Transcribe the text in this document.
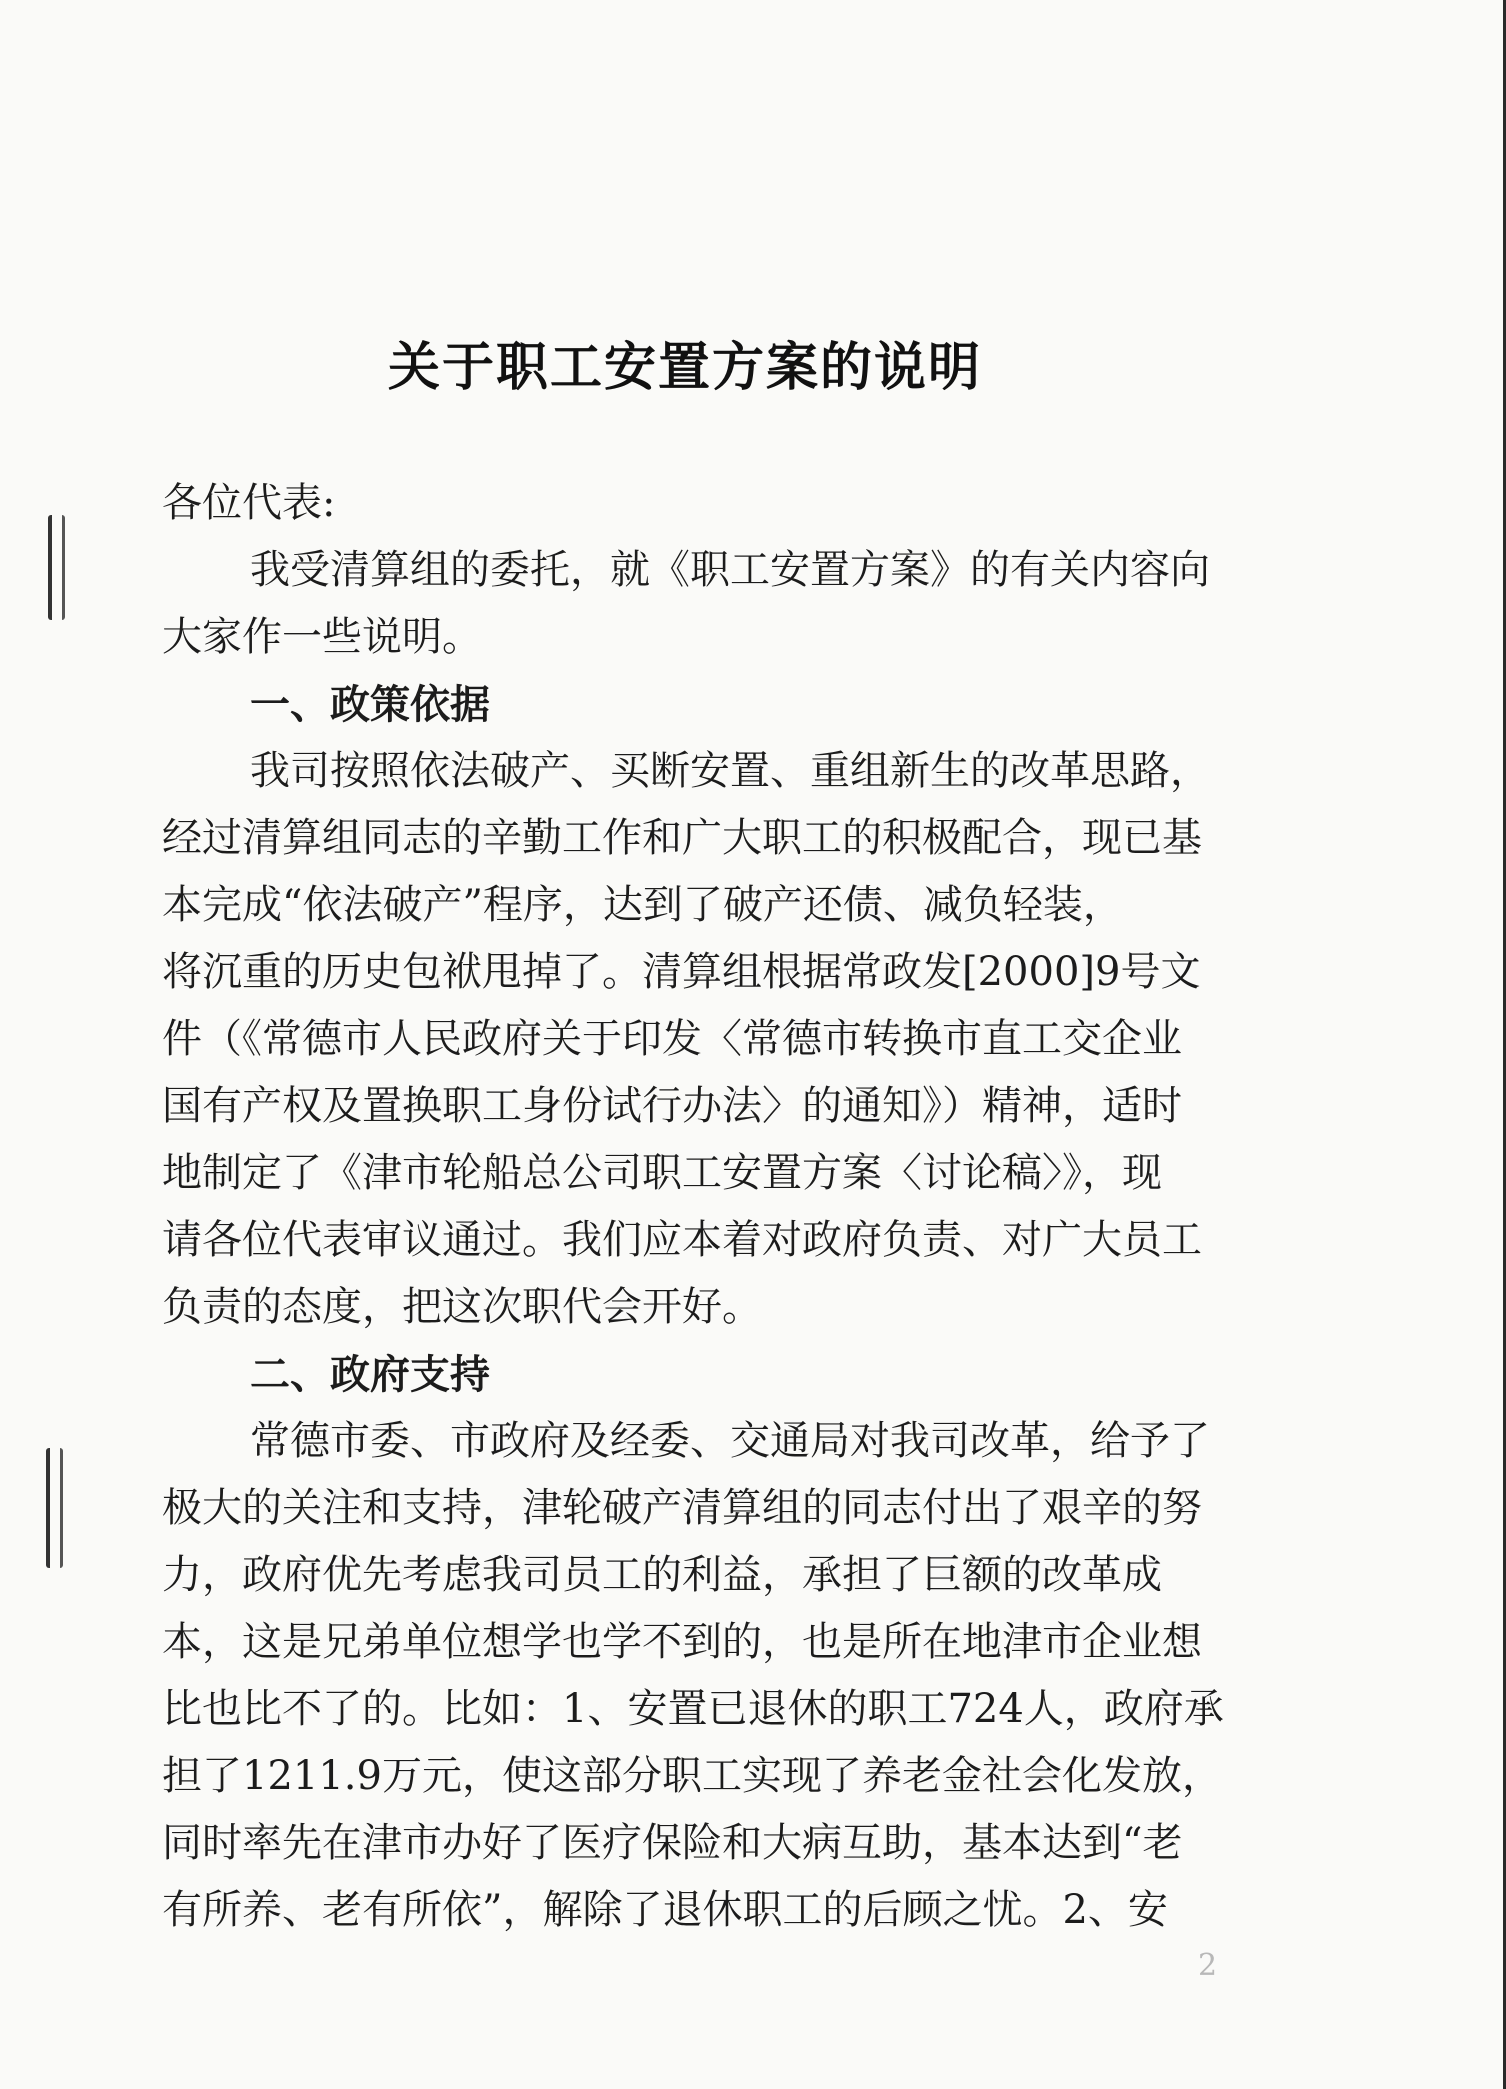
关于职工安置方案的说明
各位代表:
我受清算组的委托，就《职工安置方案》的有关内容向
大家作一些说明。
一、政策依据
我司按照依法破产、买断安置、重组新生的改革思路，
经过清算组同志的辛勤工作和广大职工的积极配合，现已基
本完成“依法破产”程序，达到了破产还债、减负轻装，
将沉重的历史包袱甩掉了。清算组根据常政发[2000]9号文
件（《常德市人民政府关于印发〈常德市转换市直工交企业
国有产权及置换职工身份试行办法〉的通知》）精神，适时
地制定了《津市轮船总公司职工安置方案〈讨论稿〉》，现
请各位代表审议通过。我们应本着对政府负责、对广大员工
负责的态度，把这次职代会开好。
二、政府支持
常德市委、市政府及经委、交通局对我司改革，给予了
极大的关注和支持，津轮破产清算组的同志付出了艰辛的努
力，政府优先考虑我司员工的利益，承担了巨额的改革成
本，这是兄弟单位想学也学不到的，也是所在地津市企业想
比也比不了的。比如：1、安置已退休的职工724人，政府承
担了1211.9万元，使这部分职工实现了养老金社会化发放，
同时率先在津市办好了医疗保险和大病互助，基本达到“老
有所养、老有所依”，解除了退休职工的后顾之忧。2、安
2
